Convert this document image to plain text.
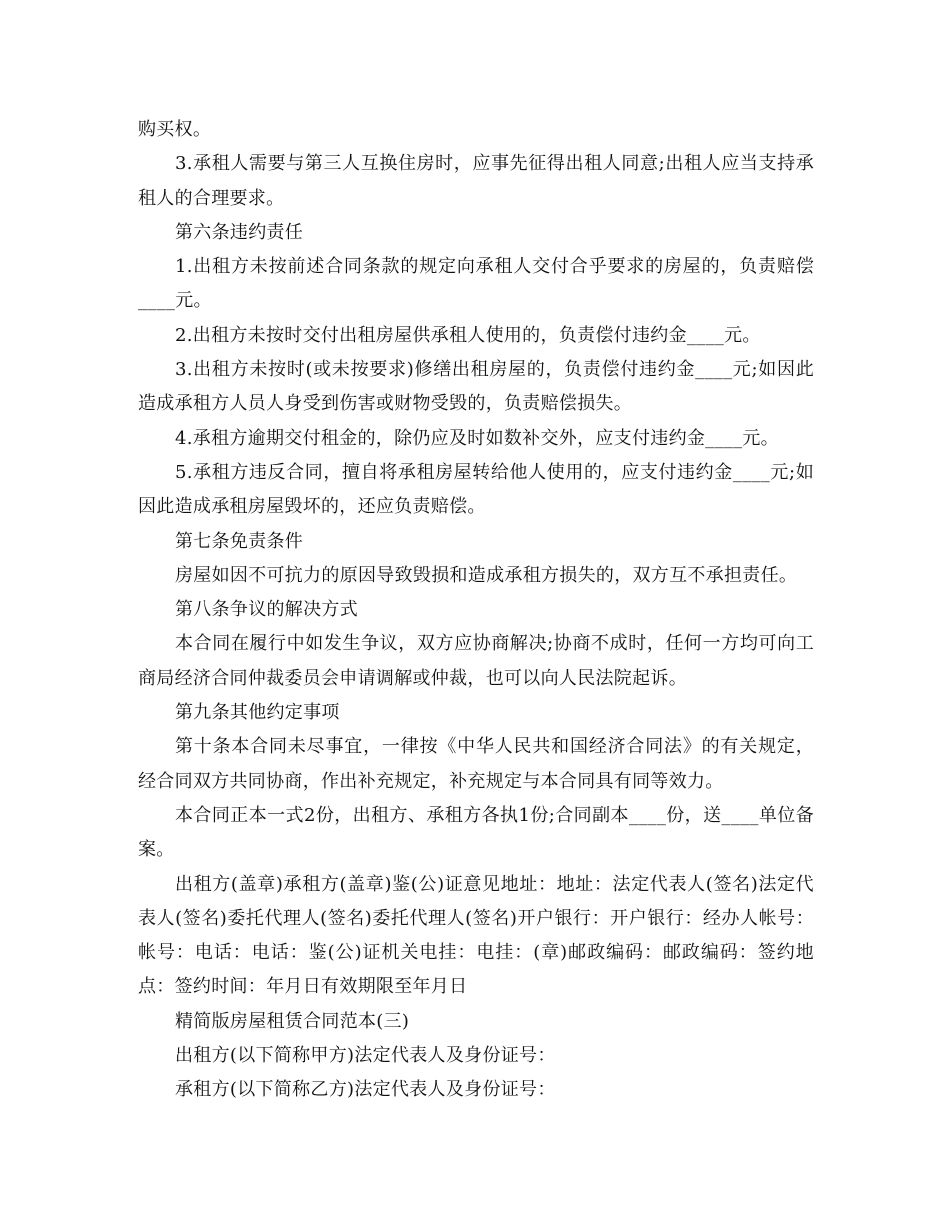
购买权。

3.承租人需要与第三人互换住房时，应事先征得出租人同意;出租人应当支持承租人的合理要求。

第六条违约责任

1.出租方未按前述合同条款的规定向承租人交付合乎要求的房屋的，负责赔偿____元。

2.出租方未按时交付出租房屋供承租人使用的，负责偿付违约金____元。

3.出租方未按时(或未按要求)修缮出租房屋的，负责偿付违约金____元;如因此造成承租方人员人身受到伤害或财物受毁的，负责赔偿损失。

4.承租方逾期交付租金的，除仍应及时如数补交外，应支付违约金____元。

5.承租方违反合同，擅自将承租房屋转给他人使用的，应支付违约金____元;如因此造成承租房屋毁坏的，还应负责赔偿。

第七条免责条件

房屋如因不可抗力的原因导致毁损和造成承租方损失的，双方互不承担责任。

第八条争议的解决方式

本合同在履行中如发生争议，双方应协商解决;协商不成时，任何一方均可向工商局经济合同仲裁委员会申请调解或仲裁，也可以向人民法院起诉。

第九条其他约定事项

第十条本合同未尽事宜，一律按《中华人民共和国经济合同法》的有关规定，经合同双方共同协商，作出补充规定，补充规定与本合同具有同等效力。

本合同正本一式2份，出租方、承租方各执1份;合同副本____份，送____单位备案。

出租方(盖章)承租方(盖章)鉴(公)证意见地址：地址：法定代表人(签名)法定代表人(签名)委托代理人(签名)委托代理人(签名)开户银行：开户银行：经办人帐号：帐号：电话：电话：鉴(公)证机关电挂：电挂：(章)邮政编码：邮政编码：签约地点：签约时间：年月日有效期限至年月日

精简版房屋租赁合同范本(三)

出租方(以下简称甲方)法定代表人及身份证号：

承租方(以下简称乙方)法定代表人及身份证号：
